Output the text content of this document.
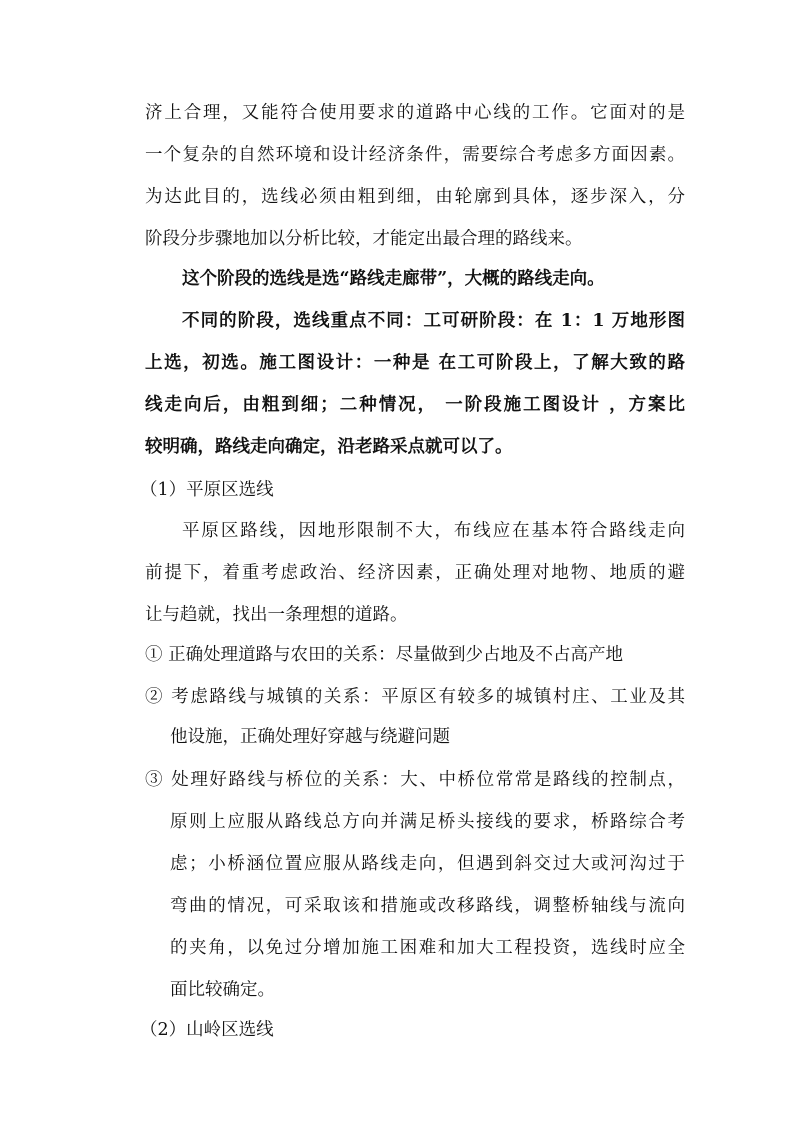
济上合理，又能符合使用要求的道路中心线的工作。它面对的是
一个复杂的自然环境和设计经济条件，需要综合考虑多方面因素。
为达此目的，选线必须由粗到细，由轮廓到具体，逐步深入，分
阶段分步骤地加以分析比较，才能定出最合理的路线来。
这个阶段的选线是选“路线走廊带”，大概的路线走向。
不同的阶段，选线重点不同：工可研阶段：在 1：1 万地形图
上选，初选。施工图设计：一种是 在工可阶段上，了解大致的路
线走向后，由粗到细；二种情况， 一阶段施工图设计 ，方案比
较明确，路线走向确定，沿老路采点就可以了。
（1）平原区选线
平原区路线，因地形限制不大，布线应在基本符合路线走向
前提下，着重考虑政治、经济因素，正确处理对地物、地质的避
让与趋就，找出一条理想的道路。
① 正确处理道路与农田的关系：尽量做到少占地及不占高产地
② 考虑路线与城镇的关系：平原区有较多的城镇村庄、工业及其
他设施，正确处理好穿越与绕避问题
③ 处理好路线与桥位的关系：大、中桥位常常是路线的控制点，
原则上应服从路线总方向并满足桥头接线的要求，桥路综合考
虑；小桥涵位置应服从路线走向，但遇到斜交过大或河沟过于
弯曲的情况，可采取该和措施或改移路线，调整桥轴线与流向
的夹角，以免过分增加施工困难和加大工程投资，选线时应全
面比较确定。
（2）山岭区选线
